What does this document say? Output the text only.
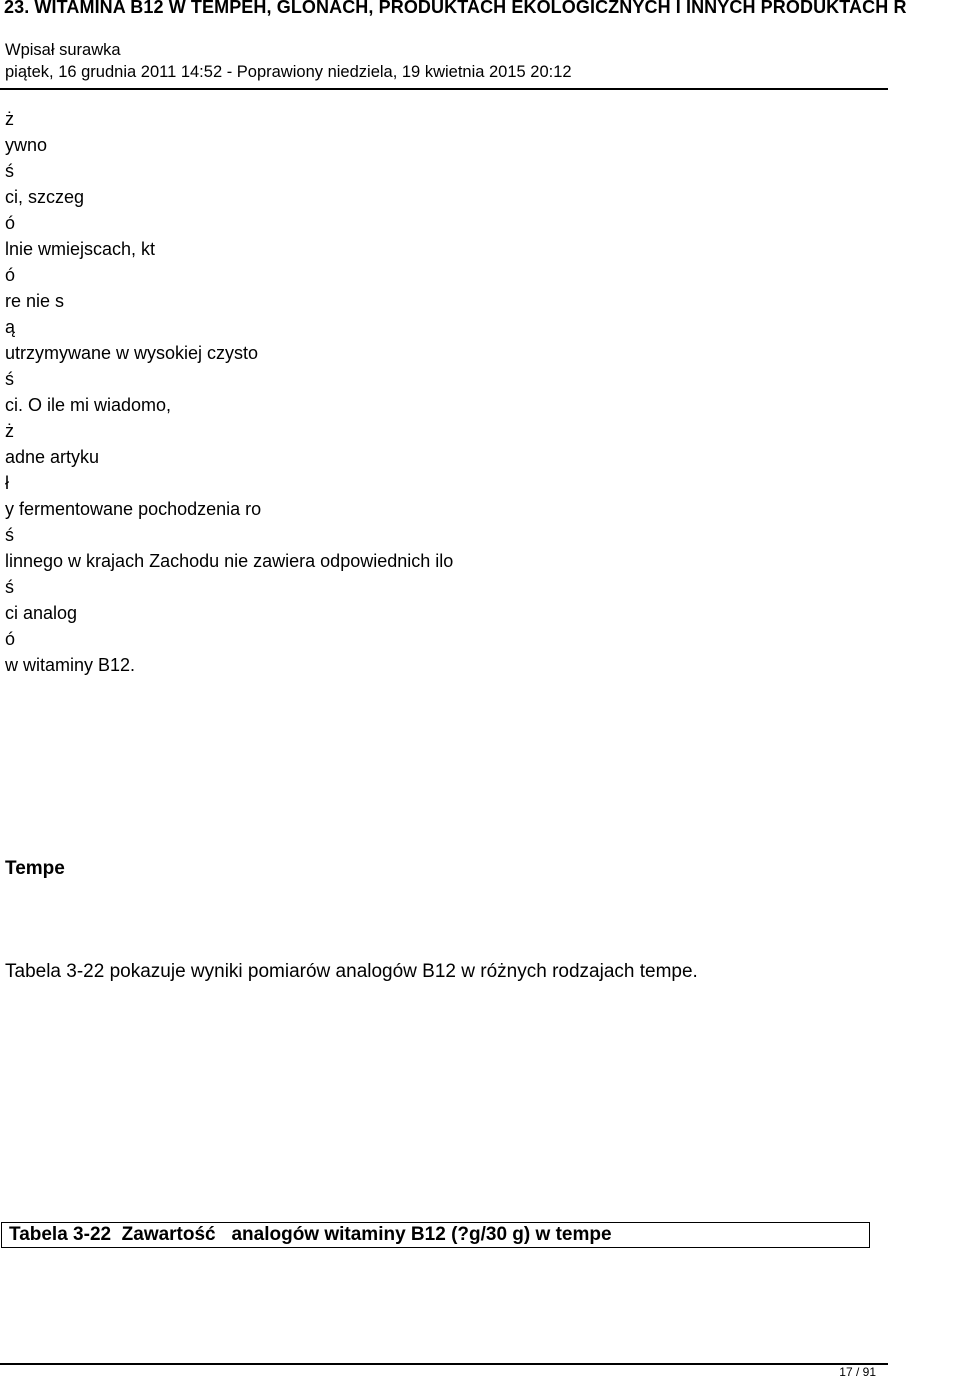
23. WITAMINA B12 W TEMPEH, GLONACH, PRODUKTACH EKOLOGICZNYCH I INNYCH PRODUKTACH R
Wpisał surawka
piątek, 16 grudnia 2011 14:52 - Poprawiony niedziela, 19 kwietnia 2015 20:12
ż
ywno
ś
ci, szczeg
ó
lnie wmiejscach, kt
ó
re nie s
ą
utrzymywane w wysokiej czysto
ś
ci. O ile mi wiadomo,
ż
adne artyku
ł
y fermentowane pochodzenia ro
ś
linnego w krajach Zachodu nie zawiera odpowiednich ilo
ś
ci analog
ó
w witaminy B12.
Tempe
Tabela 3-22 pokazuje wyniki pomiarów analogów B12 w różnych rodzajach tempe.
Tabela 3-22  Zawartość   analogów witaminy B12 (?g/30 g) w tempe
17 / 91
